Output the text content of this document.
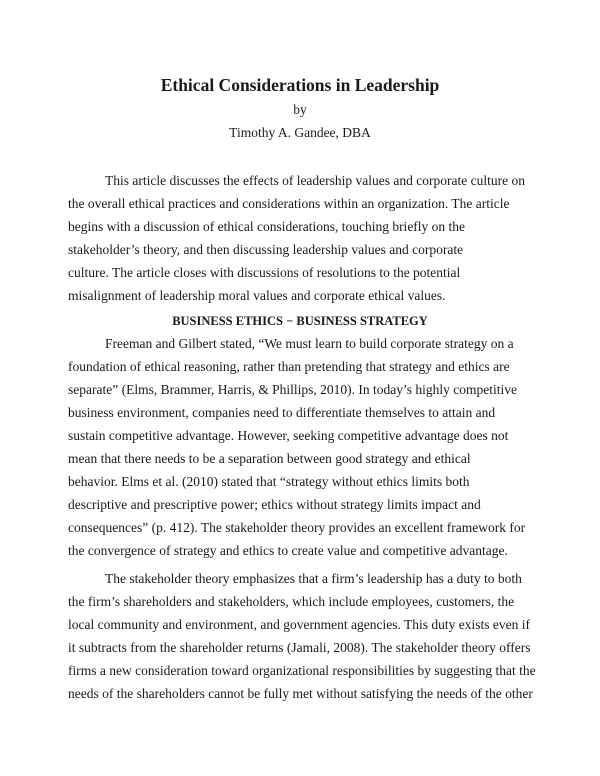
Ethical Considerations in Leadership

by

Timothy A. Gandee, DBA

This article discusses the effects of leadership values and corporate culture on

the overall ethical practices and considerations within an organization. The article

begins with a discussion of ethical considerations, touching briefly on the

stakeholder’s theory, and then discussing leadership values and corporate

culture. The article closes with discussions of resolutions to the potential

misalignment of leadership moral values and corporate ethical values.

BUSINESS ETHICS − BUSINESS STRATEGY

Freeman and Gilbert stated, “We must learn to build corporate strategy on a

foundation of ethical reasoning, rather than pretending that strategy and ethics are

separate” (Elms, Brammer, Harris, & Phillips, 2010). In today’s highly competitive

business environment, companies need to differentiate themselves to attain and

sustain competitive advantage. However, seeking competitive advantage does not

mean that there needs to be a separation between good strategy and ethical

behavior. Elms et al. (2010) stated that “strategy without ethics limits both

descriptive and prescriptive power; ethics without strategy limits impact and

consequences” (p. 412). The stakeholder theory provides an excellent framework for

the convergence of strategy and ethics to create value and competitive advantage.

The stakeholder theory emphasizes that a firm’s leadership has a duty to both

the firm’s shareholders and stakeholders, which include employees, customers, the

local community and environment, and government agencies. This duty exists even if

it subtracts from the shareholder returns (Jamali, 2008). The stakeholder theory offers

firms a new consideration toward organizational responsibilities by suggesting that the

needs of the shareholders cannot be fully met without satisfying the needs of the other
